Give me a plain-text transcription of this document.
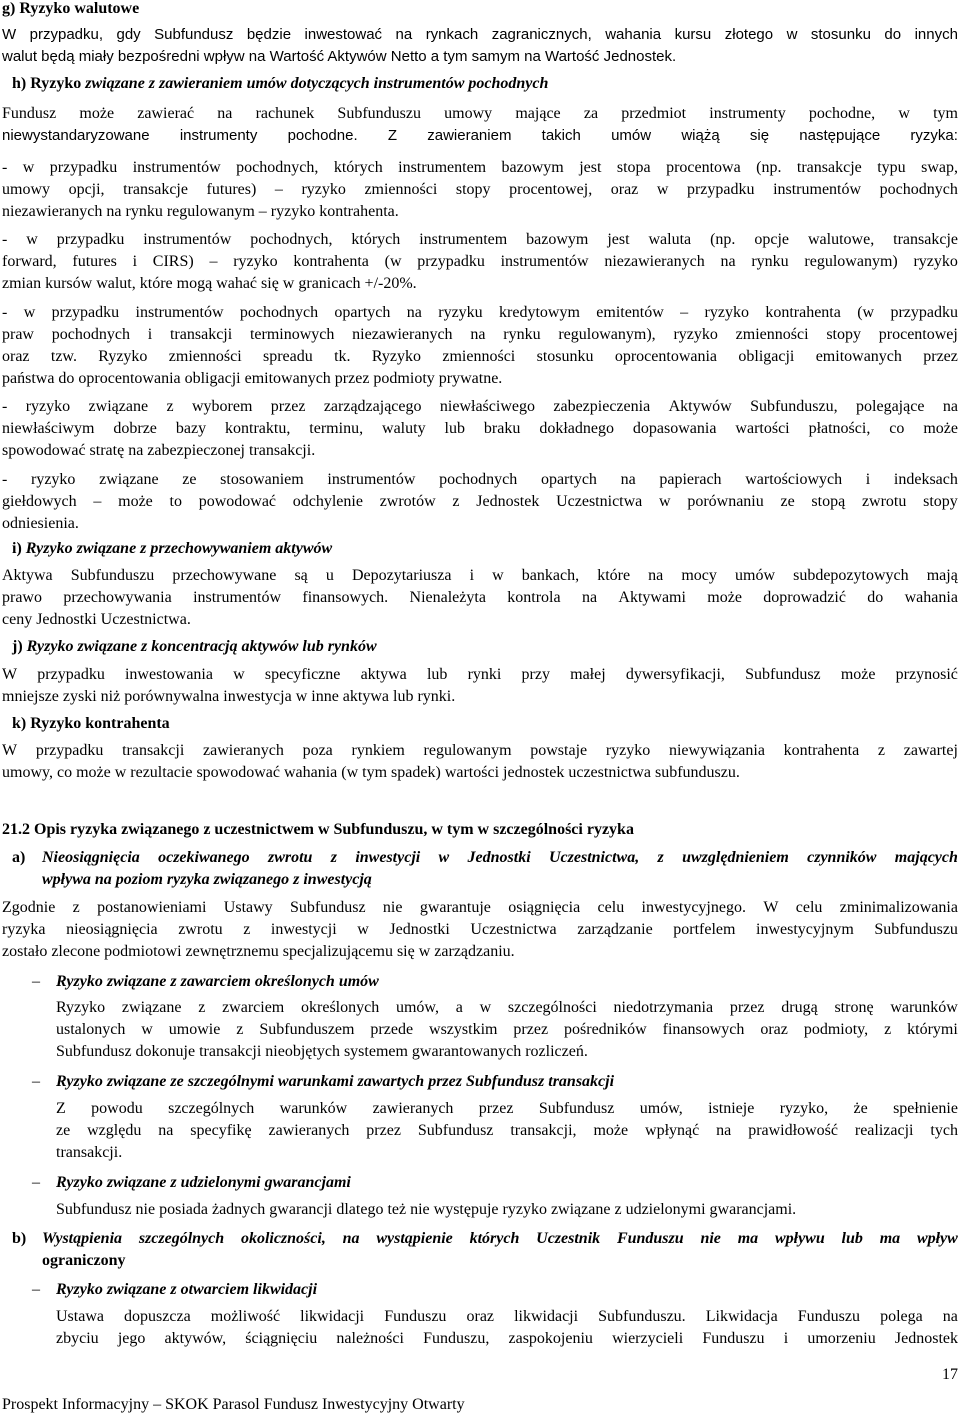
g) Ryzyko walutowe
W przypadku, gdy Subfundusz będzie inwestować na rynkach zagranicznych, wahania kursu złotego w stosunku do innych
walut będą miały bezpośredni wpływ na Wartość Aktywów Netto a tym samym na Wartość Jednostek.
h) Ryzyko związane z zawieraniem umów dotyczących instrumentów pochodnych
Fundusz może zawierać na rachunek Subfunduszu umowy mające za przedmiot instrumenty pochodne, w tym
niewystandaryzowane instrumenty pochodne. Z zawieraniem takich umów wiążą się następujące ryzyka:
- w przypadku instrumentów pochodnych, których instrumentem bazowym jest stopa procentowa (np. transakcje typu swap,
umowy opcji, transakcje futures) – ryzyko zmienności stopy procentowej, oraz w przypadku instrumentów pochodnych
niezawieranych na rynku regulowanym – ryzyko kontrahenta.
- w przypadku instrumentów pochodnych, których instrumentem bazowym jest waluta (np. opcje walutowe, transakcje
forward, futures i CIRS) – ryzyko kontrahenta (w przypadku instrumentów niezawieranych na rynku regulowanym) ryzyko
zmian kursów walut, które mogą wahać się w granicach +/-20%.
- w przypadku instrumentów pochodnych opartych na ryzyku kredytowym emitentów – ryzyko kontrahenta (w przypadku
praw pochodnych i transakcji terminowych niezawieranych na rynku regulowanym), ryzyko zmienności stopy procentowej
oraz tzw. Ryzyko zmienności spreadu tk. Ryzyko zmienności stosunku oprocentowania obligacji emitowanych przez
państwa do oprocentowania obligacji emitowanych przez podmioty prywatne.
- ryzyko związane z wyborem przez zarządzającego niewłaściwego zabezpieczenia Aktywów Subfunduszu, polegające na
niewłaściwym dobrze bazy kontraktu, terminu, waluty lub braku dokładnego dopasowania wartości płatności, co może
spowodować stratę na zabezpieczonej transakcji.
- ryzyko związane ze stosowaniem instrumentów pochodnych opartych na papierach wartościowych i indeksach
giełdowych – może to powodować odchylenie zwrotów z Jednostek Uczestnictwa w porównaniu ze stopą zwrotu stopy
odniesienia.
i) Ryzyko związane z przechowywaniem aktywów
Aktywa Subfunduszu przechowywane są u Depozytariusza i w bankach, które na mocy umów subdepozytowych mają
prawo przechowywania instrumentów finansowych. Nienależyta kontrola na Aktywami może doprowadzić do wahania
ceny Jednostki Uczestnictwa.
j) Ryzyko związane z koncentracją aktywów lub rynków
W przypadku inwestowania w specyficzne aktywa lub rynki przy małej dywersyfikacji, Subfundusz może przynosić
mniejsze zyski niż porównywalna inwestycja w inne aktywa lub rynki.
k) Ryzyko kontrahenta
W przypadku transakcji zawieranych poza rynkiem regulowanym powstaje ryzyko niewywiązania kontrahenta z zawartej
umowy, co może w rezultacie spowodować wahania (w tym spadek) wartości jednostek uczestnictwa subfunduszu.
21.2 Opis ryzyka związanego z uczestnictwem w Subfunduszu, w tym w szczególności ryzyka
a) Nieosiągnięcia oczekiwanego zwrotu z inwestycji w Jednostki Uczestnictwa, z uwzględnieniem czynników mających
wpływa na poziom ryzyka związanego z inwestycją
Zgodnie z postanowieniami Ustawy Subfundusz nie gwarantuje osiągnięcia celu inwestycyjnego. W celu zminimalizowania
ryzyka nieosiągnięcia zwrotu z inwestycji w Jednostki Uczestnictwa zarządzanie portfelem inwestycyjnym Subfunduszu
zostało zlecone podmiotowi zewnętrznemu specjalizującemu się w zarządzaniu.
– Ryzyko związane z zawarciem określonych umów
Ryzyko związane z zwarciem określonych umów, a w szczególności niedotrzymania przez drugą stronę warunków
ustalonych w umowie z Subfunduszem przede wszystkim przez pośredników finansowych oraz podmioty, z którymi
Subfundusz dokonuje transakcji nieobjętych systemem gwarantowanych rozliczeń.
– Ryzyko związane ze szczególnymi warunkami zawartych przez Subfundusz transakcji
Z powodu szczególnych warunków zawieranych przez Subfundusz umów, istnieje ryzyko, że spełnienie
ze względu na specyfikę zawieranych przez Subfundusz transakcji, może wpłynąć na prawidłowość realizacji tych
transakcji.
– Ryzyko związane z udzielonymi gwarancjami
Subfundusz nie posiada żadnych gwarancji dlatego też nie występuje ryzyko związane z udzielonymi gwarancjami.
b) Wystąpienia szczególnych okoliczności, na wystąpienie których Uczestnik Funduszu nie ma wpływu lub ma wpływ
ograniczony
– Ryzyko związane z otwarciem likwidacji
Ustawa dopuszcza możliwość likwidacji Funduszu oraz likwidacji Subfunduszu. Likwidacja Funduszu polega na
zbyciu jego aktywów, ściągnięciu należności Funduszu, zaspokojeniu wierzycieli Funduszu i umorzeniu Jednostek
17
Prospekt Informacyjny – SKOK Parasol Fundusz Inwestycyjny Otwarty
